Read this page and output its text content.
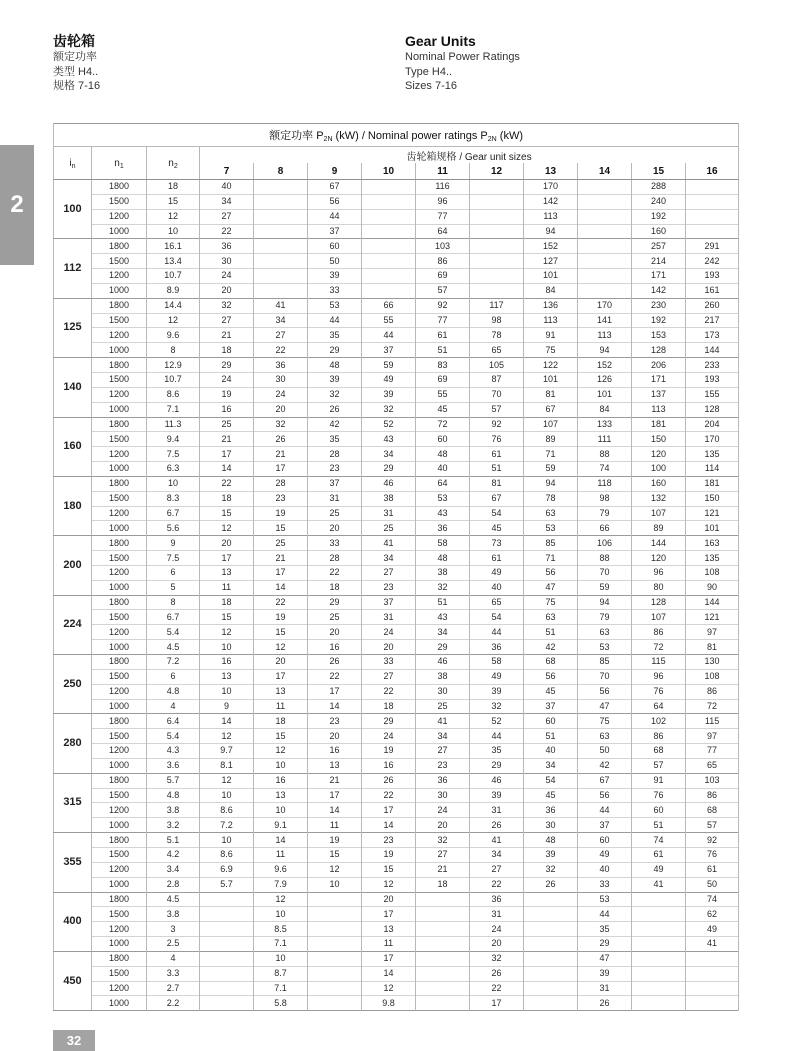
齿轮箱
额定功率
类型 H4..
规格 7-16
Gear Units
Nominal Power Ratings
Type H4..
Sizes 7-16
2
额定功率 $P_{2N}$ (kW) / Nominal power ratings $P_{2N}$ (kW)												
$i_n$	$n_1$	$n_2$	齿轮箱规格 / Gear unit sizes									
			7	8	9	10	11	12	13	14	15	16
100	1800	18	40		67		116		170		288	
	1500	15	34		56		96		142		240	
	1200	12	27		44		77		113		192	
	1000	10	22		37		64		94		160	
112	1800	16.1	36		60		103		152		257	291
	1500	13.4	30		50		86		127		214	242
	1200	10.7	24		39		69		101		171	193
	1000	8.9	20		33		57		84		142	161
125	1800	14.4	32	41	53	66	92	117	136	170	230	260
	1500	12	27	34	44	55	77	98	113	141	192	217
	1200	9.6	21	27	35	44	61	78	91	113	153	173
	1000	8	18	22	29	37	51	65	75	94	128	144
140	1800	12.9	29	36	48	59	83	105	122	152	206	233
	1500	10.7	24	30	39	49	69	87	101	126	171	193
	1200	8.6	19	24	32	39	55	70	81	101	137	155
	1000	7.1	16	20	26	32	45	57	67	84	113	128
160	1800	11.3	25	32	42	52	72	92	107	133	181	204
	1500	9.4	21	26	35	43	60	76	89	111	150	170
	1200	7.5	17	21	28	34	48	61	71	88	120	135
	1000	6.3	14	17	23	29	40	51	59	74	100	114
180	1800	10	22	28	37	46	64	81	94	118	160	181
	1500	8.3	18	23	31	38	53	67	78	98	132	150
	1200	6.7	15	19	25	31	43	54	63	79	107	121
	1000	5.6	12	15	20	25	36	45	53	66	89	101
200	1800	9	20	25	33	41	58	73	85	106	144	163
	1500	7.5	17	21	28	34	48	61	71	88	120	135
	1200	6	13	17	22	27	38	49	56	70	96	108
	1000	5	11	14	18	23	32	40	47	59	80	90
224	1800	8	18	22	29	37	51	65	75	94	128	144
	1500	6.7	15	19	25	31	43	54	63	79	107	121
	1200	5.4	12	15	20	24	34	44	51	63	86	97
	1000	4.5	10	12	16	20	29	36	42	53	72	81
250	1800	7.2	16	20	26	33	46	58	68	85	115	130
	1500	6	13	17	22	27	38	49	56	70	96	108
	1200	4.8	10	13	17	22	30	39	45	56	76	86
	1000	4	9	11	14	18	25	32	37	47	64	72
280	1800	6.4	14	18	23	29	41	52	60	75	102	115
	1500	5.4	12	15	20	24	34	44	51	63	86	97
	1200	4.3	9.7	12	16	19	27	35	40	50	68	77
	1000	3.6	8.1	10	13	16	23	29	34	42	57	65
315	1800	5.7	12	16	21	26	36	46	54	67	91	103
	1500	4.8	10	13	17	22	30	39	45	56	76	86
	1200	3.8	8.6	10	14	17	24	31	36	44	60	68
	1000	3.2	7.2	9.1	11	14	20	26	30	37	51	57
355	1800	5.1	10	14	19	23	32	41	48	60	74	92
	1500	4.2	8.6	11	15	19	27	34	39	49	61	76
	1200	3.4	6.9	9.6	12	15	21	27	32	40	49	61
	1000	2.8	5.7	7.9	10	12	18	22	26	33	41	50
400	1800	4.5		12		20		36		53		74
	1500	3.8		10		17		31		44		62
	1200	3		8.5		13		24		35		49
	1000	2.5		7.1		11		20		29		41
450	1800	4		10		17		32		47		
	1500	3.3		8.7		14		26		39		
	1200	2.7		7.1		12		22		31		
	1000	2.2		5.8		9.8		17		26		
32
